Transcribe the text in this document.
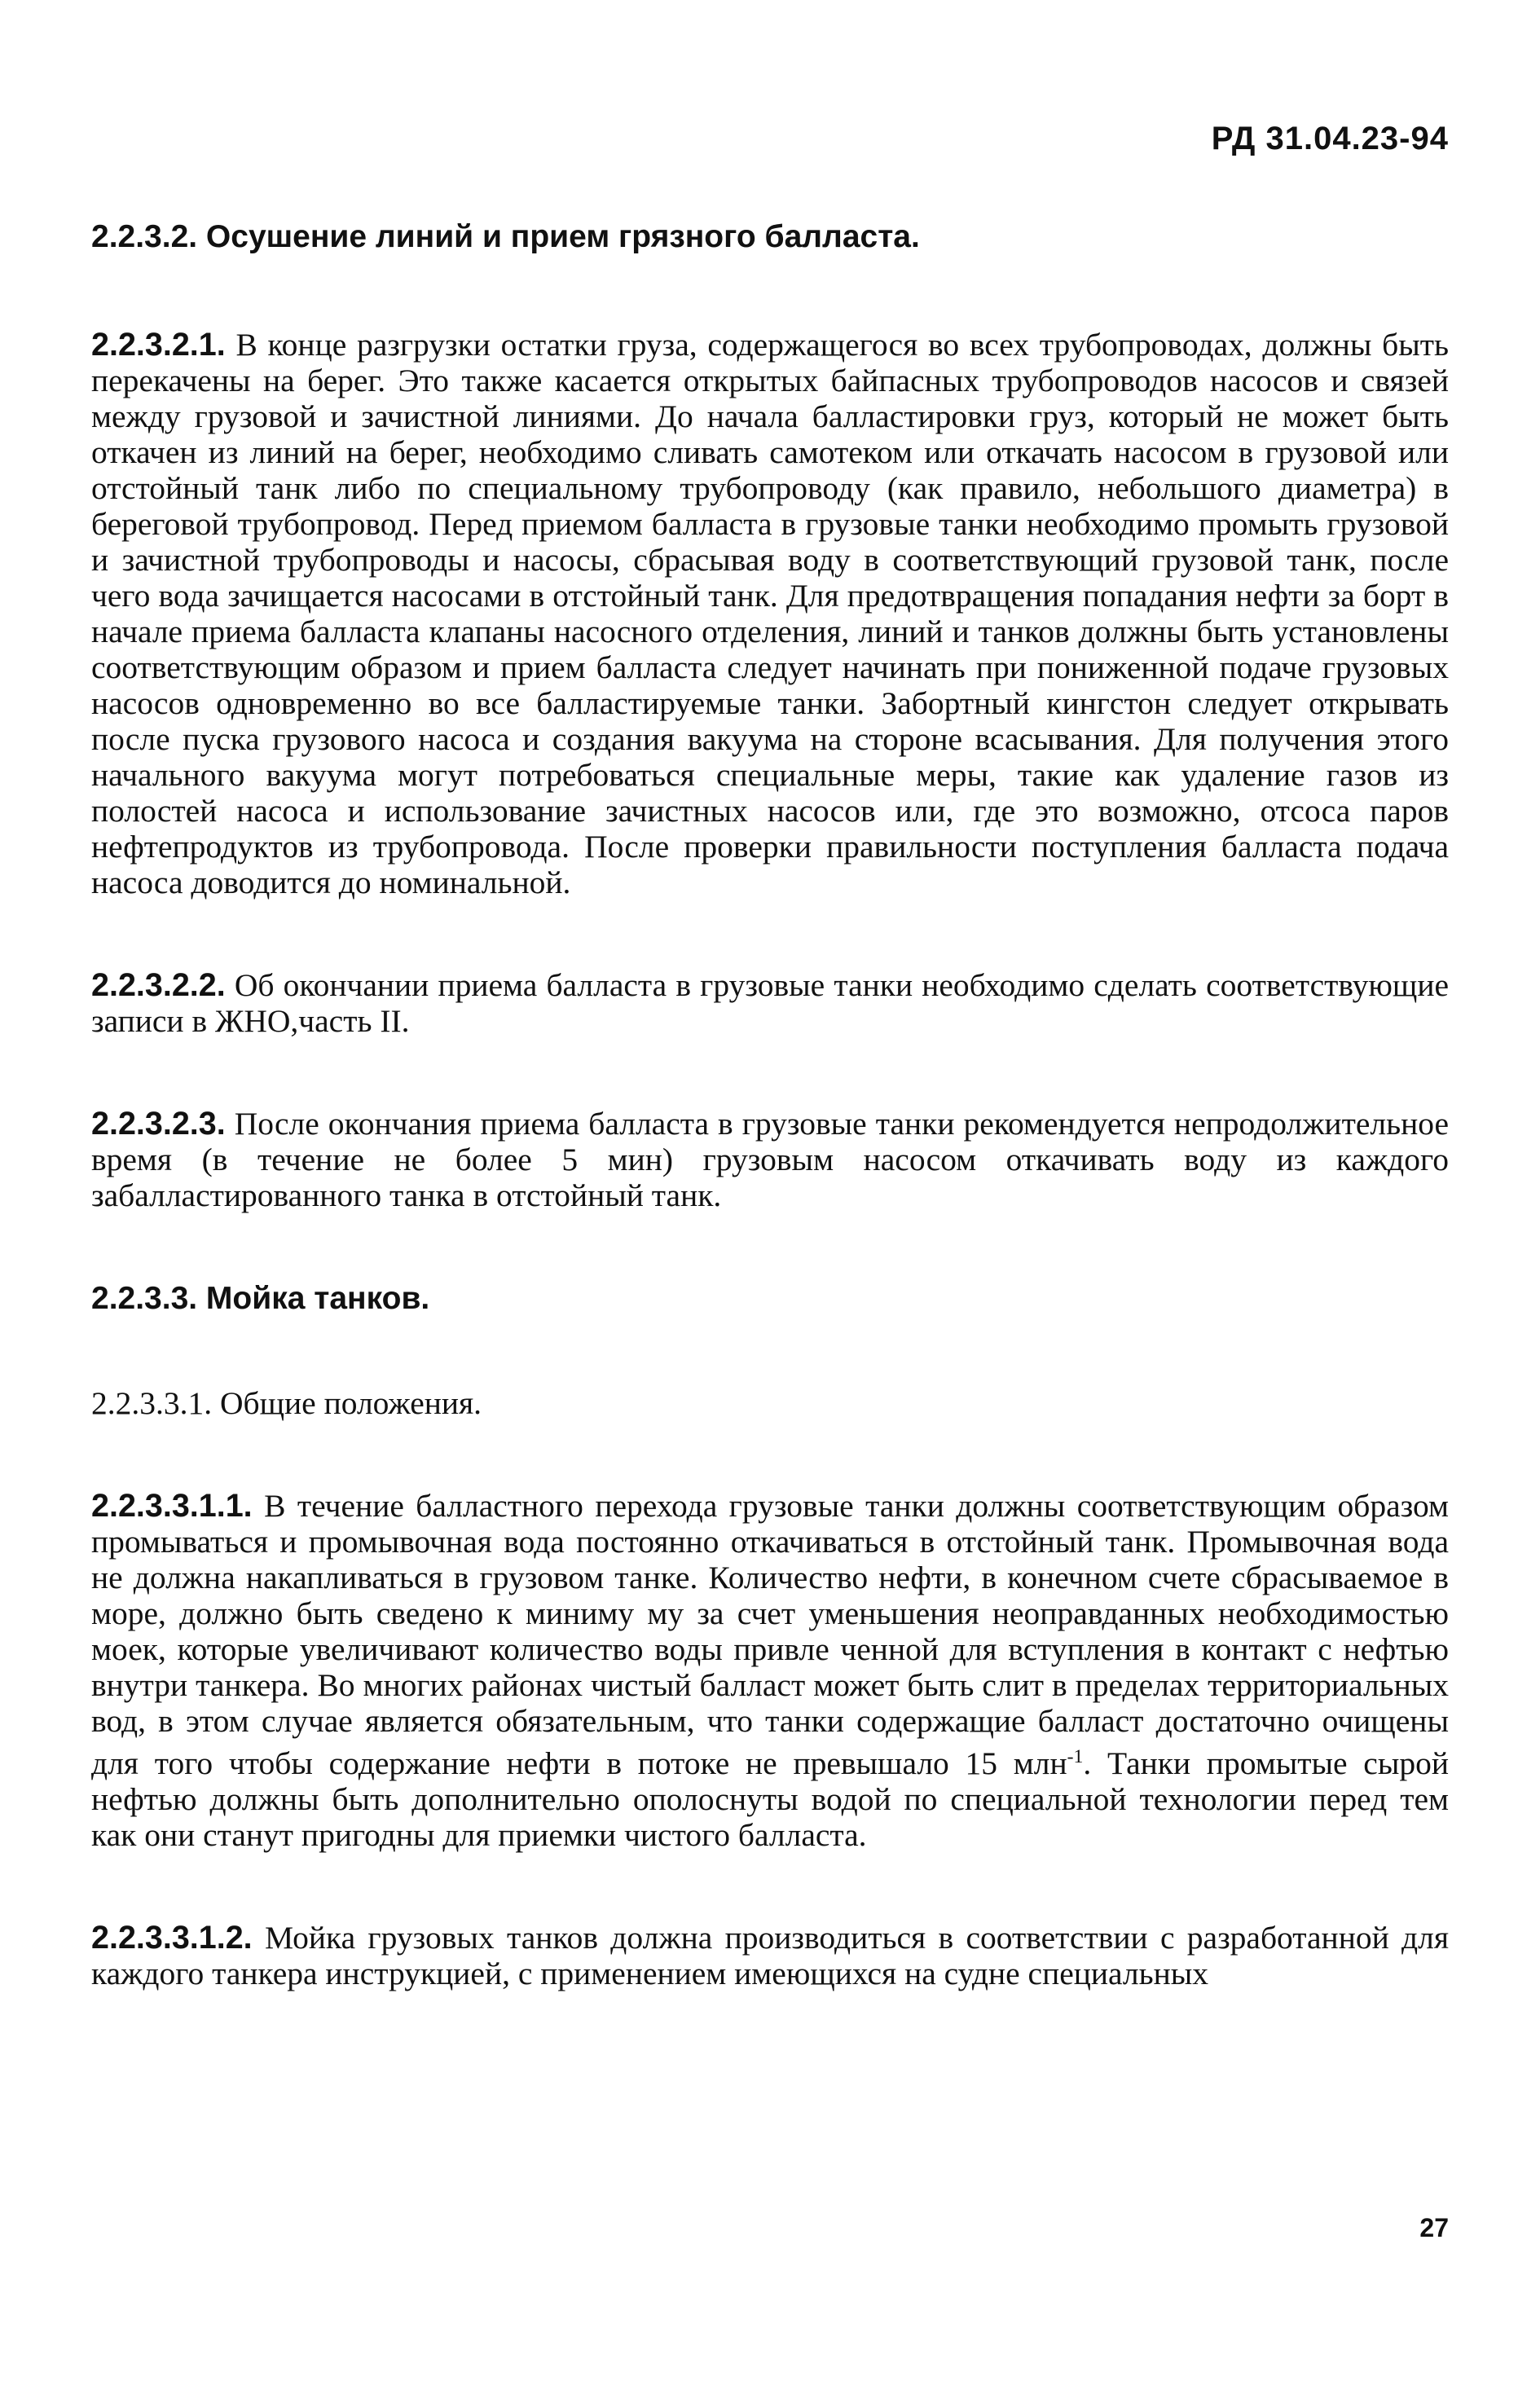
РД 31.04.23-94

2.2.3.2. Осушение линий и прием грязного балласта.

2.2.3.2.1. В конце разгрузки остатки груза, содержащегося во всех трубопроводах, должны быть перекачены на берег. Это также касается открытых байпасных трубопроводов насосов и связей между грузовой и зачистной линиями. До начала балластировки груз, который не может быть откачен из линий на берег, необходимо сливать самотеком или откачать насосом в грузовой или отстойный танк либо по специальному трубопроводу (как правило, небольшого диаметра) в береговой трубопровод. Перед приемом балласта в грузовые танки необходимо промыть грузовой и зачистной трубопроводы и насосы, сбрасывая воду в соответствующий грузовой танк, после чего вода зачищается насосами в отстойный танк. Для предотвращения попадания нефти за борт в начале приема балласта клапаны насосного отделения, линий и танков должны быть установлены соответствующим образом и прием балласта следует начинать при пониженной подаче грузовых насосов одновременно во все балластируемые танки. Забортный кингстон следует открывать после пуска грузового насоса и создания вакуума на стороне всасывания. Для получения этого начального вакуума могут потребоваться специальные меры, такие как удаление газов из полостей насоса и использование зачистных насосов или, где это возможно, отсоса паров нефтепродуктов из трубопровода. После проверки правильности поступления балласта подача насоса доводится до номинальной.

2.2.3.2.2. Об окончании приема балласта в грузовые танки необходимо сделать соответствующие записи в ЖНО,часть II.

2.2.3.2.3. После окончания приема балласта в грузовые танки рекомендуется непродолжительное время (в течение не более 5 мин) грузовым насосом откачивать воду из каждого забалластированного танка в отстойный танк.

2.2.3.3. Мойка танков.

2.2.3.3.1. Общие положения.

2.2.3.3.1.1. В течение балластного перехода грузовые танки должны соответствующим образом промываться и промывочная вода постоянно откачиваться в отстойный танк. Промывочная вода не должна накапливаться в грузовом танке. Количество нефти, в конечном счете сбрасываемое в море, должно быть сведено к миниму му за счет уменьшения неоправданных необходимостью моек, которые увеличивают количество воды привле ченной для вступления в контакт с нефтью внутри танкера. Во многих районах чистый балласт может быть слит в пределах территориальных вод, в этом случае является обязательным, что танки содержащие балласт достаточно очищены для того чтобы содержание нефти в потоке не превышало 15 млн$^{-1}$. Танки промытые сырой нефтью должны быть дополнительно ополоснуты водой по специальной технологии перед тем как они станут пригодны для приемки чистого балласта.

2.2.3.3.1.2. Мойка грузовых танков должна производиться в соответствии с разработанной для каждого танкера инструкцией, с применением имеющихся на судне специальных

27
